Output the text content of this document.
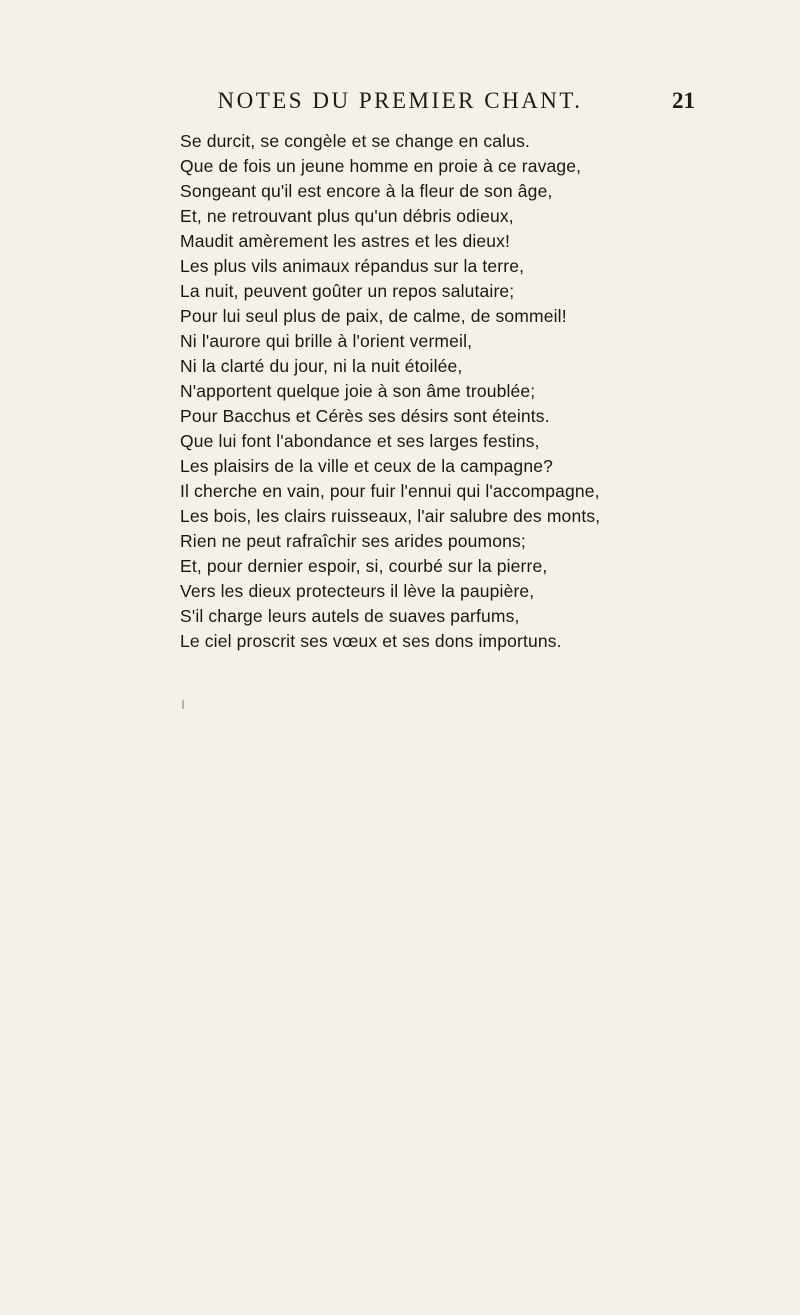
NOTES DU PREMIER CHANT.	21
Se durcit, se congèle et se change en calus.
Que de fois un jeune homme en proie à ce ravage,
Songeant qu'il est encore à la fleur de son âge,
Et, ne retrouvant plus qu'un débris odieux,
Maudit amèrement les astres et les dieux!
Les plus vils animaux répandus sur la terre,
La nuit, peuvent goûter un repos salutaire;
Pour lui seul plus de paix, de calme, de sommeil!
Ni l'aurore qui brille à l'orient vermeil,
Ni la clarté du jour, ni la nuit étoilée,
N'apportent quelque joie à son âme troublée;
Pour Bacchus et Cérès ses désirs sont éteints.
Que lui font l'abondance et ses larges festins,
Les plaisirs de la ville et ceux de la campagne?
Il cherche en vain, pour fuir l'ennui qui l'accompagne,
Les bois, les clairs ruisseaux, l'air salubre des monts,
Rien ne peut rafraîchir ses arides poumons;
Et, pour dernier espoir, si, courbé sur la pierre,
Vers les dieux protecteurs il lève la paupière,
S'il charge leurs autels de suaves parfums,
Le ciel proscrit ses vœux et ses dons importuns.
